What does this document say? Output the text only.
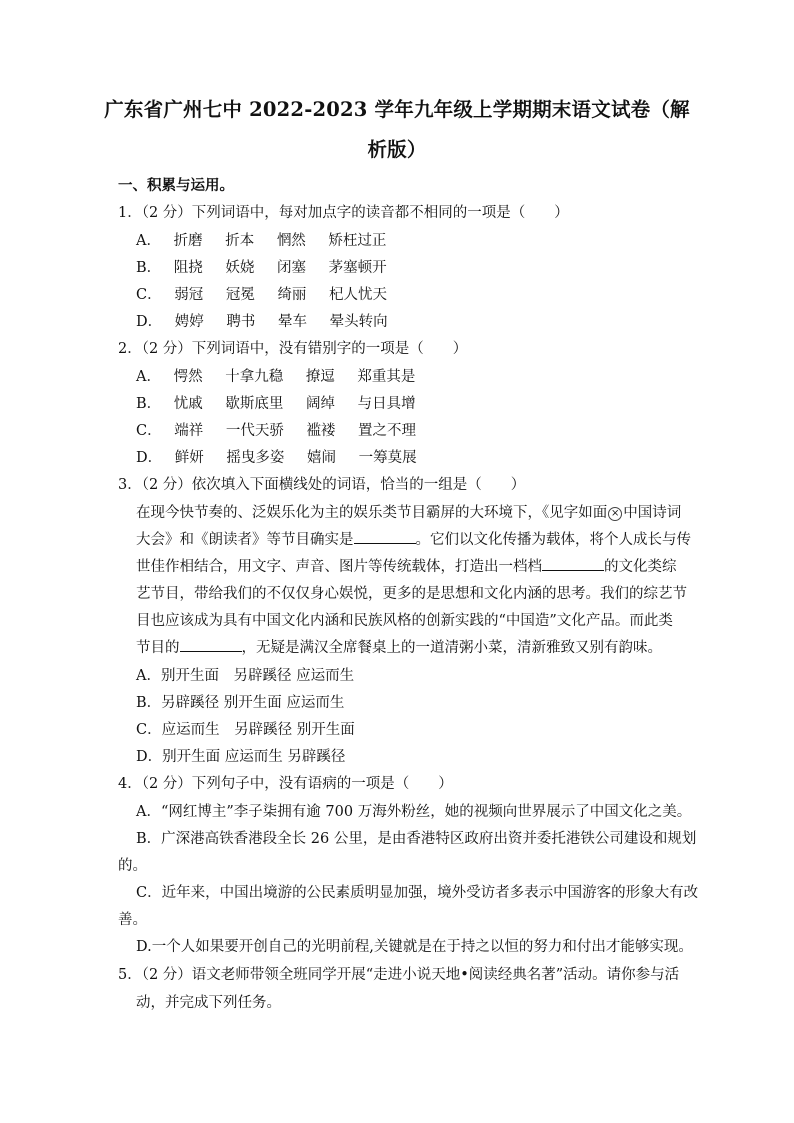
广东省广州七中 2022-2023 学年九年级上学期期末语文试卷（解
析版）
一、积累与运用。
1．（2 分）下列词语中，每对加点字的读音都不相同的一项是（　　）
A． 折磨 折本 惘然 矫枉过正
B． 阻挠 妖娆 闭塞 茅塞顿开
C． 弱冠 冠冕 绮丽 杞人忧天
D． 娉婷 聘书 晕车 晕头转向
2．（2 分）下列词语中，没有错别字的一项是（　　）
A． 愕然 十拿九稳 撩逗 郑重其是
B． 忧戚 歇斯底里 阔绰 与日具增
C． 端祥 一代天骄 褴褛 置之不理
D． 鲜妍 摇曳多姿 嬉闹 一筹莫展
3．（2 分）依次填入下面横线处的词语，恰当的一组是（　　）
在现今快节奏的、泛娱乐化为主的娱乐类节目霸屏的大环境下，《见字如面 × 中国诗词
大会》和《朗读者》等节目确实是	。它们以文化传播为载体，将个人成长与传
世佳作相结合，用文字、声音、图片等传统载体，打造出一档档	的文化类综
艺节目，带给我们的不仅仅身心娱悦，更多的是思想和文化内涵的思考。我们的综艺节
目也应该成为具有中国文化内涵和民族风格的创新实践的“中国造”文化产品。而此类
节目的	，无疑是满汉全席餐桌上的一道清粥小菜，清新雅致又别有韵味。
A．别开生面　另辟蹊径 应运而生
B．另辟蹊径 别开生面 应运而生
C．应运而生　另辟蹊径 别开生面
D．别开生面 应运而生 另辟蹊径
4．（2 分）下列句子中，没有语病的一项是（　　）
A．“网红博主”李子柒拥有逾 700 万海外粉丝，她的视频向世界展示了中国文化之美。
B．广深港高铁香港段全长 26 公里，是由香港特区政府出资并委托港铁公司建设和规划
的。
C．近年来，中国出境游的公民素质明显加强，境外受访者多表示中国游客的形象大有改
善。
D.一个人如果要开创自己的光明前程,关键就是在于持之以恒的努力和付出才能够实现。
5．（2 分）语文老师带领全班同学开展“走进小说天地•阅读经典名著”活动。请你参与活
动，并完成下列任务。
